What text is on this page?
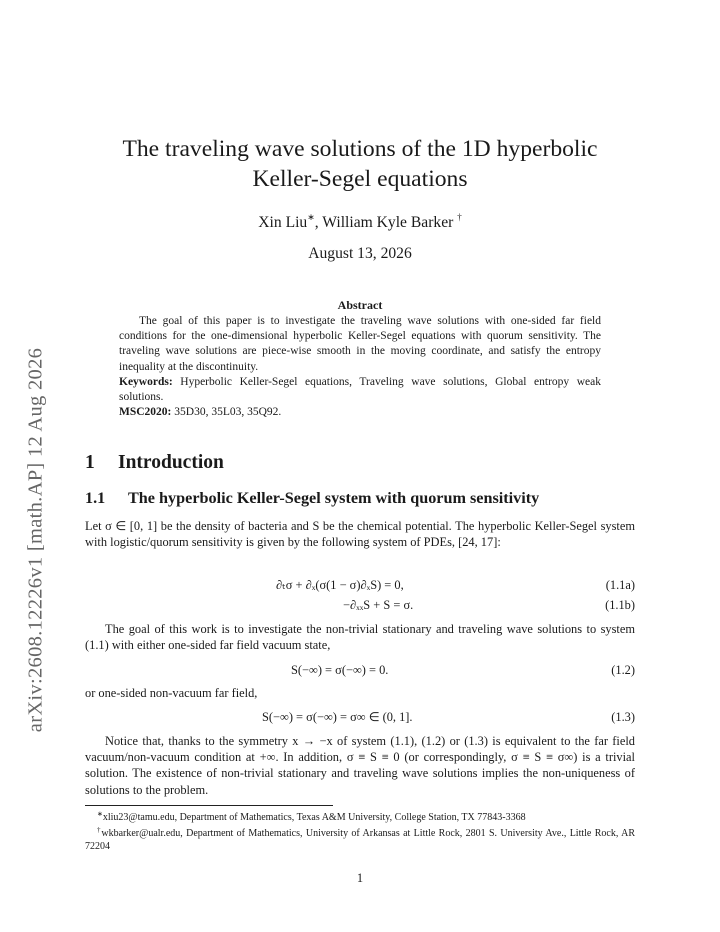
arXiv:2608.12226v1 [math.AP] 12 Aug 2026
The traveling wave solutions of the 1D hyperbolic
Keller-Segel equations
Xin Liu∗, William Kyle Barker †
August 13, 2026
Abstract

The goal of this paper is to investigate the traveling wave solutions with one-sided far field conditions for the one-dimensional hyperbolic Keller-Segel equations with quorum sensitivity. The traveling wave solutions are piece-wise smooth in the moving coordinate, and satisfy the entropy inequality at the discontinuity.

Keywords: Hyperbolic Keller-Segel equations, Traveling wave solutions, Global entropy weak solutions.

MSC2020: 35D30, 35L03, 35Q92.

1 Introduction
1.1 The hyperbolic Keller-Segel system with quorum sensitivity

Let σ ∈ [0, 1] be the density of bacteria and S be the chemical potential. The hyperbolic Keller-Segel system with logistic/quorum sensitivity is given by the following system of PDEs, [24, 17]:

∂ₜσ + ∂ₓ(σ(1 − σ)∂ₓS) = 0,	(1.1a)
−∂ₓₓS + S = σ.	(1.1b)

The goal of this work is to investigate the non-trivial stationary and traveling wave solutions to system (1.1) with either one-sided far field vacuum state,

S(−∞) = σ(−∞) = 0.	(1.2)

or one-sided non-vacuum far field,

S(−∞) = σ(−∞) = σ∞ ∈ (0, 1].	(1.3)

Notice that, thanks to the symmetry x → −x of system (1.1), (1.2) or (1.3) is equivalent to the far field vacuum/non-vacuum condition at +∞. In addition, σ ≡ S ≡ 0 (or correspondingly, σ ≡ S ≡ σ∞) is a trivial solution. The existence of non-trivial stationary and traveling wave solutions implies the non-uniqueness of solutions to the problem.

∗xliu23@tamu.edu, Department of Mathematics, Texas A&M University, College Station, TX 77843-3368

†wkbarker@ualr.edu, Department of Mathematics, University of Arkansas at Little Rock, 2801 S. University Ave., Little Rock, AR 72204

1
